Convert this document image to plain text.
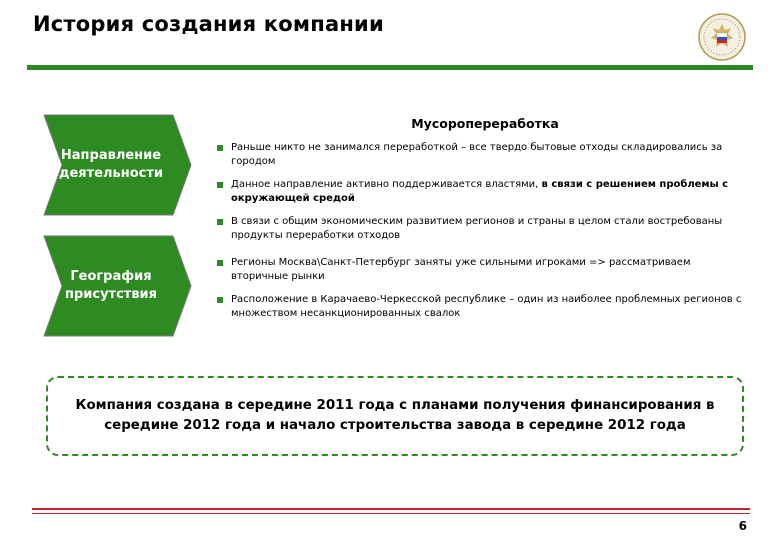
История создания компании
Направление деятельности
География присутствия
Мусоропереработка
Раньше никто не занимался переработкой – все твердо бытовые отходы складировались за городом
Данное направление активно поддерживается властями, в связи с решением проблемы с окружающей средой
В связи с общим экономическим развитием регионов и страны в целом стали востребованы продукты переработки отходов
Регионы Москва\Санкт-Петербург заняты уже сильными игроками => рассматриваем вторичные рынки
Расположение в Карачаево-Черкесской республике – один из наиболее проблемных регионов с множеством несанкционированных свалок
Компания создана в середине 2011 года с планами получения финансирования в середине 2012 года и начало строительства завода в середине 2012 года
6
